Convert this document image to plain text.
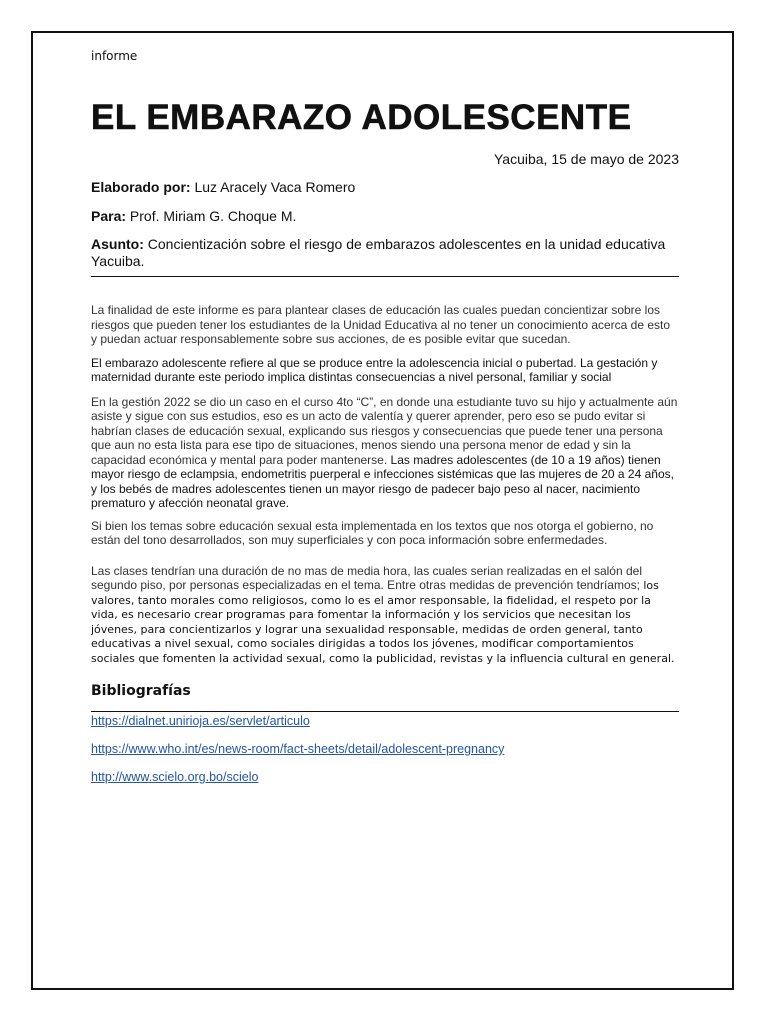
informe

EL EMBARAZO ADOLESCENTE

Yacuiba, 15 de mayo de 2023

Elaborado por: Luz Aracely Vaca Romero

Para: Prof. Miriam G. Choque M.

Asunto: Concientización sobre el riesgo de embarazos adolescentes en la unidad educativa Yacuiba.

La finalidad de este informe es para plantear clases de educación las cuales puedan concientizar sobre los riesgos que pueden tener los estudiantes de la Unidad Educativa al no tener un conocimiento acerca de esto y puedan actuar responsablemente sobre sus acciones, de es posible evitar que sucedan.

El embarazo adolescente refiere al que se produce entre la adolescencia inicial o pubertad. La gestación y maternidad durante este periodo implica distintas consecuencias a nivel personal, familiar y social

En la gestión 2022 se dio un caso en el curso 4to “C”, en donde una estudiante tuvo su hijo y actualmente aún asiste y sigue con sus estudios, eso es un acto de valentía y querer aprender, pero eso se pudo evitar si habrían clases de educación sexual, explicando sus riesgos y consecuencias que puede tener una persona que aun no esta lista para ese tipo de situaciones, menos siendo una persona menor de edad y sin la capacidad económica y mental para poder mantenerse. Las madres adolescentes (de 10 a 19 años) tienen mayor riesgo de eclampsia, endometritis puerperal e infecciones sistémicas que las mujeres de 20 a 24 años, y los bebés de madres adolescentes tienen un mayor riesgo de padecer bajo peso al nacer, nacimiento prematuro y afección neonatal grave.

Si bien los temas sobre educación sexual esta implementada en los textos que nos otorga el gobierno, no están del tono desarrollados, son muy superficiales y con poca información sobre enfermedades.

Las clases tendrían una duración de no mas de media hora, las cuales serian realizadas en el salón del segundo piso, por personas especializadas en el tema. Entre otras medidas de prevención tendríamos; los valores, tanto morales como religiosos, como lo es el amor responsable, la fidelidad, el respeto por la vida, es necesario crear programas para fomentar la información y los servicios que necesitan los jóvenes, para concientizarlos y lograr una sexualidad responsable, medidas de orden general, tanto educativas a nivel sexual, como sociales dirigidas a todos los jóvenes, modificar comportamientos sociales que fomenten la actividad sexual, como la publicidad, revistas y la influencia cultural en general.

Bibliografías
https://dialnet.unirioja.es/servlet/articulo
https://www.who.int/es/news-room/fact-sheets/detail/adolescent-pregnancy
http://www.scielo.org.bo/scielo
